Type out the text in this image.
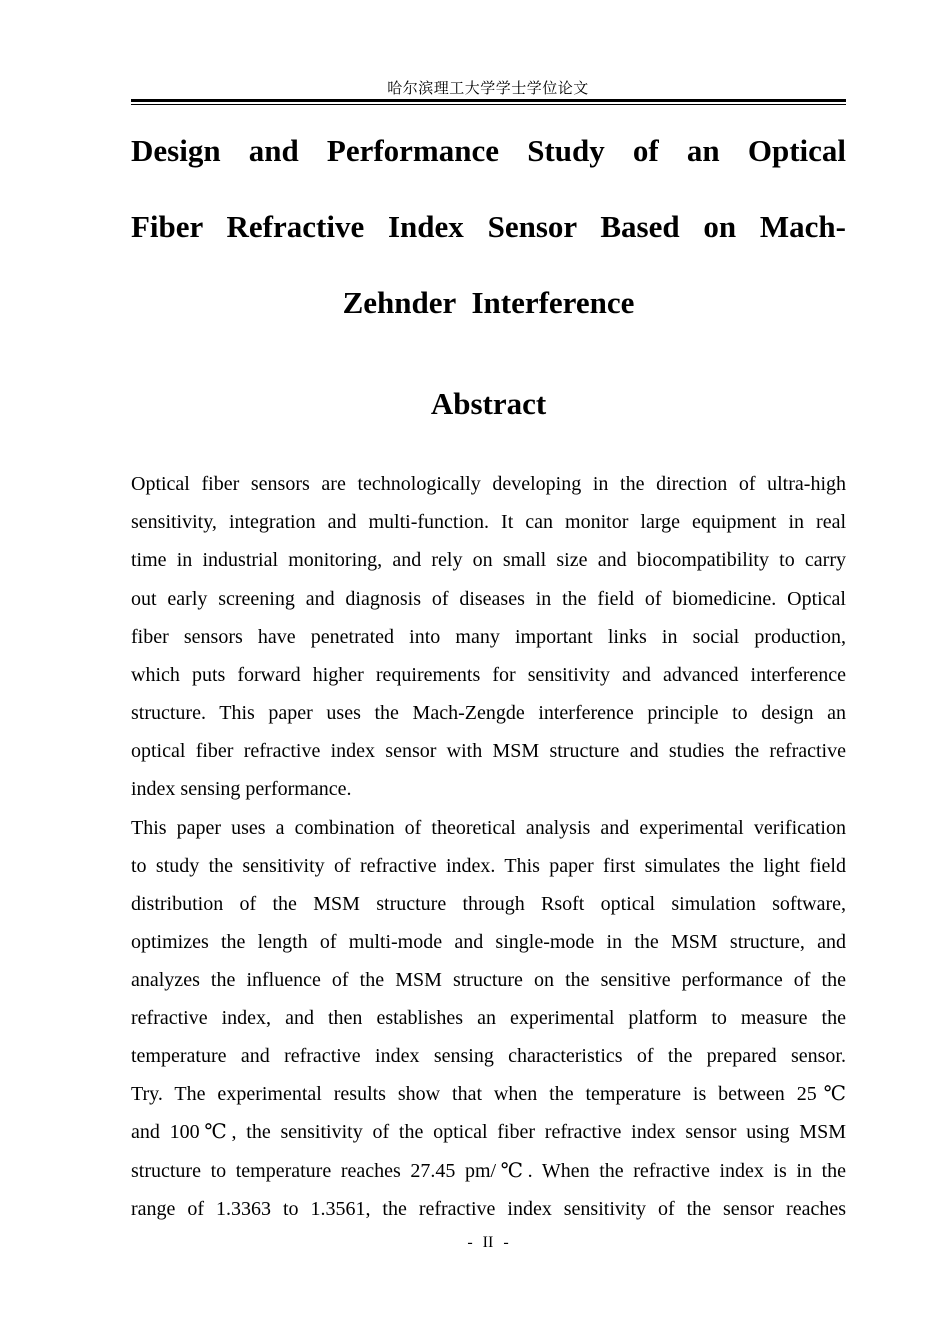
哈尔滨理工大学学士学位论文
Design and Performance Study of an Optical
Fiber Refractive Index Sensor Based on Mach-
Zehnder Interference
Abstract
Optical fiber sensors are technologically developing in the direction of ultra-high
sensitivity, integration and multi-function. It can monitor large equipment in real
time in industrial monitoring, and rely on small size and biocompatibility to carry
out early screening and diagnosis of diseases in the field of biomedicine. Optical
fiber sensors have penetrated into many important links in social production,
which puts forward higher requirements for sensitivity and advanced interference
structure. This paper uses the Mach-Zengde interference principle to design an
optical fiber refractive index sensor with MSM structure and studies the refractive
index sensing performance.
This paper uses a combination of theoretical analysis and experimental verification
to study the sensitivity of refractive index. This paper first simulates the light field
distribution of the MSM structure through Rsoft optical simulation software,
optimizes the length of multi-mode and single-mode in the MSM structure, and
analyzes the influence of the MSM structure on the sensitive performance of the
refractive index, and then establishes an experimental platform to measure the
temperature and refractive index sensing characteristics of the prepared sensor.
Try. The experimental results show that when the temperature is between 25℃
and 100℃, the sensitivity of the optical fiber refractive index sensor using MSM
structure to temperature reaches 27.45 pm/℃. When the refractive index is in the
range of 1.3363 to 1.3561, the refractive index sensitivity of the sensor reaches
- II -
